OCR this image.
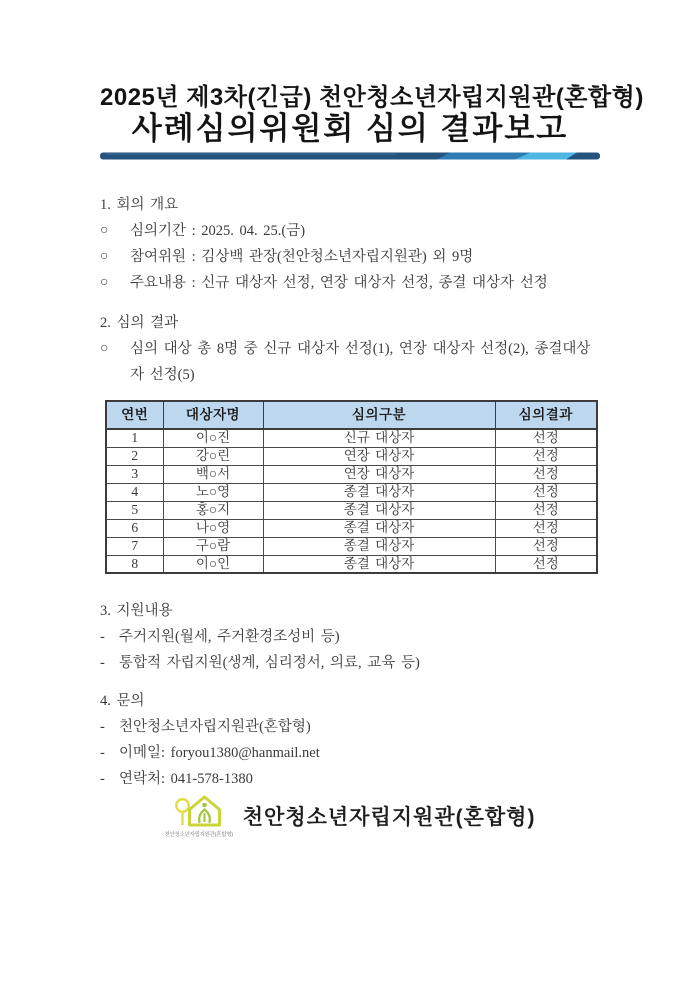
2025년 제3차(긴급) 천안청소년자립지원관(혼합형)
사례심의위원회 심의 결과보고
1. 회의 개요
○	심의기간 : 2025. 04. 25.(금)
○	참여위원 : 김상백 관장(천안청소년자립지원관) 외 9명
○	주요내용 : 신규 대상자 선정, 연장 대상자 선정, 종결 대상자 선정
2. 심의 결과
○	심의 대상 총 8명 중 신규 대상자 선정(1), 연장 대상자 선정(2), 종결대상자 선정(5)
연번	대상자명	심의구분	심의결과
1	이○진	신규 대상자	선정
2	강○린	연장 대상자	선정
3	백○서	연장 대상자	선정
4	노○영	종결 대상자	선정
5	홍○지	종결 대상자	선정
6	나○영	종결 대상자	선정
7	구○람	종결 대상자	선정
8	이○인	종결 대상자	선정
3. 지원내용
- 주거지원(월세, 주거환경조성비 등)
- 통합적 자립지원(생계, 심리정서, 의료, 교육 등)
4. 문의
- 천안청소년자립지원관(혼합형)
- 이메일: foryou1380@hanmail.net
- 연락처: 041-578-1380
천안청소년자립지원관(혼합형)
천안청소년자립지원관(혼합형)
